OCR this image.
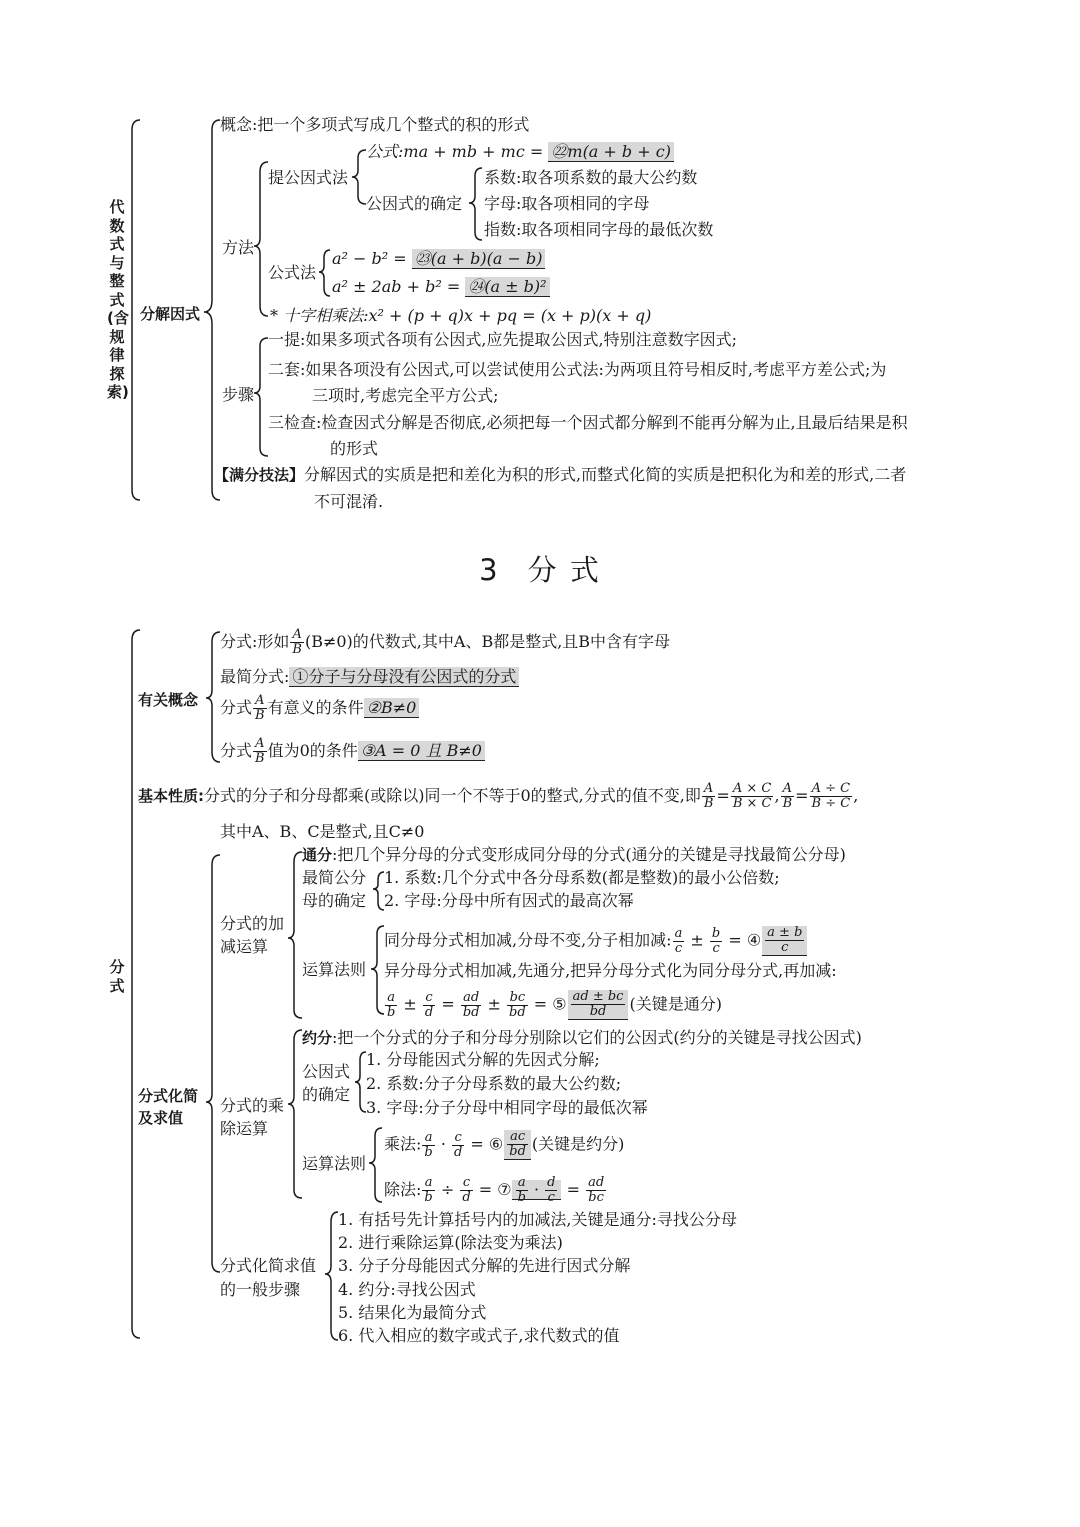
代数式与整式(含规律探索)
分解因式
概念:把一个多项式写成几个整式的积的形式
方法
提公因式法
公式:ma + mb + mc = ㉒m(a + b + c)
公因式的确定
系数:取各项系数的最大公约数
字母:取各项相同的字母
指数:取各项相同字母的最低次数
公式法
a² − b² = ㉓(a + b)(a − b)
a² ± 2ab + b² = ㉔(a ± b)²
* 十字相乘法:x² + (p + q)x + pq = (x + p)(x + q)
步骤
一提:如果多项式各项有公因式,应先提取公因式,特别注意数字因式;
二套:如果各项没有公因式,可以尝试使用公式法:为两项且符号相反时,考虑平方差公式;为
三项时,考虑完全平方公式;
三检查:检查因式分解是否彻底,必须把每一个因式都分解到不能再分解为止,且最后结果是积
的形式
【满分技法】分解因式的实质是把和差化为积的形式,而整式化简的实质是把积化为和差的形式,二者
不可混淆.
3 分 式
分式
有关概念
分式:形如 $\frac{A}{B} (B\ne 0)$的代数式,其中A、B都是整式,且B中含有字母
最简分式: ①分子与分母没有公因式的分式
分式 $\frac{A}{B}$ 有意义的条件 ②B≠0
分式 $\frac{A}{B}$ 值为0的条件 ③A = 0 且 B≠0
基本性质:分式的分子和分母都乘(或除以)同一个不等于0的整式,分式的值不变,即 $\frac{A}{B} = \frac{A \times C}{B \times C}$ , $\frac{A}{B} = \frac{A \div C}{B \div C}$ ,
其中A、B、C是整式,且C≠0
分式化简
及求值
分式的加
减运算
通分:把几个异分母的分式变形成同分母的分式(通分的关键是寻找最简公分母)
最简公分
母的确定
1. 系数:几个分式中各分母系数(都是整数)的最小公倍数;
2. 字母:分母中所有因式的最高次幂
运算法则
同分母分式相加减,分母不变,分子相加减: $\frac{a}{c} \pm \frac{b}{c}$ = ④ $\frac{a \pm b}{c}$
异分母分式相加减,先通分,把异分母分式化为同分母分式,再加减:
$\frac{a}{b} \pm \frac{c}{d} = \frac{ad}{bd} \pm \frac{bc}{bd}$ = ⑤ $\frac{ad \pm bc}{bd}$ (关键是通分)
分式的乘
除运算
约分:把一个分式的分子和分母分别除以它们的公因式(约分的关键是寻找公因式)
公因式
的确定
1. 分母能因式分解的先因式分解;
2. 系数:分子分母系数的最大公约数;
3. 字母:分子分母中相同字母的最低次幂
运算法则
乘法: $\frac{a}{b} \cdot \frac{c}{d}$ = ⑥ $\frac{ac}{bd}$ (关键是约分)
除法: $\frac{a}{b} \div \frac{c}{d}$ = ⑦ $\frac{a}{b} \cdot \frac{d}{c} = \frac{ad}{bc}$
分式化简求值
的一般步骤
1. 有括号先计算括号内的加减法,关键是通分:寻找公分母
2. 进行乘除运算(除法变为乘法)
3. 分子分母能因式分解的先进行因式分解
4. 约分:寻找公因式
5. 结果化为最简分式
6. 代入相应的数字或式子,求代数式的值
